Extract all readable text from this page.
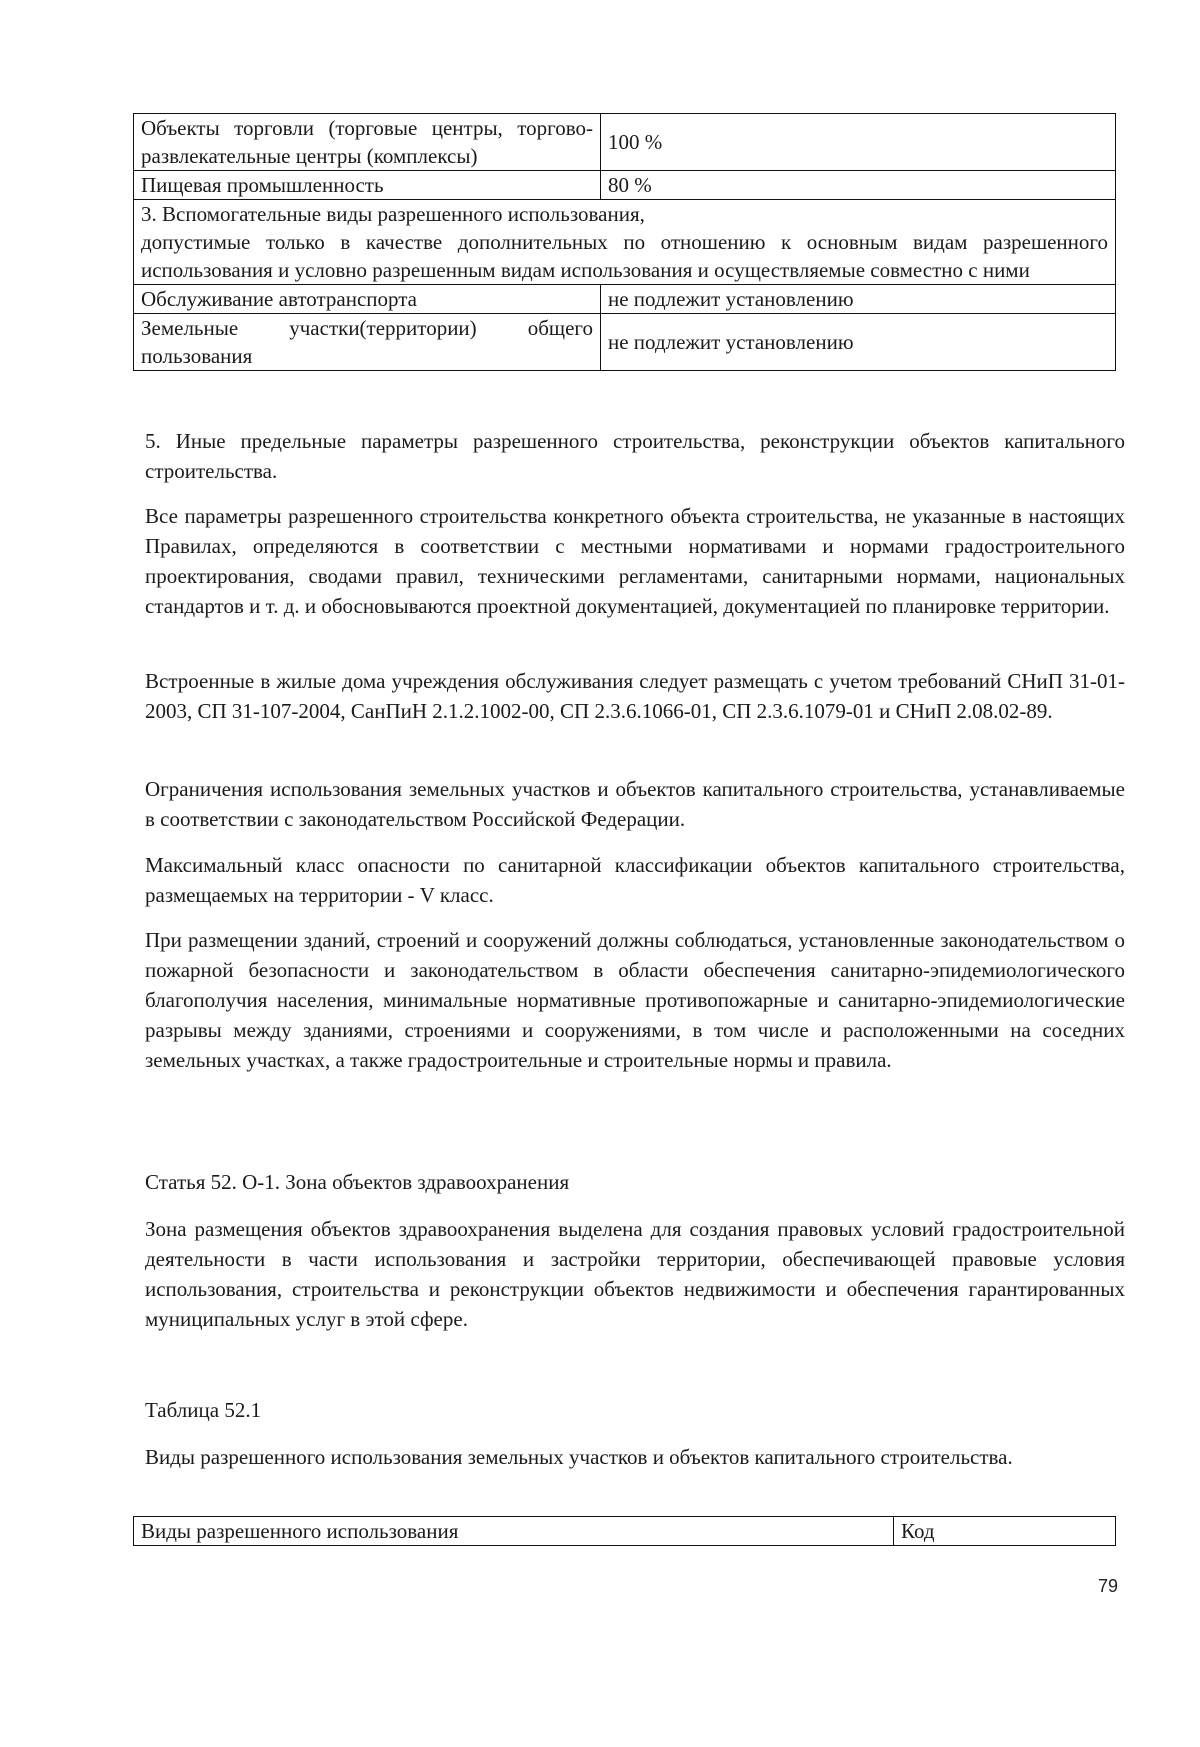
Объекты торговли (торговые центры, торгово-развлекательные центры (комплексы)	100 %
Пищевая промышленность	80 %

3. Вспомогательные виды разрешенного использования,
допустимые только в качестве дополнительных по отношению к основным видам разрешенного использования и условно разрешенным видам использования и осуществляемые совместно с ними	

Обслуживание автотранспорта	не подлежит установлению
Земельные участки(территории) общего пользования	не подлежит установлению
5. Иные предельные параметры разрешенного строительства, реконструкции объектов капитального строительства.
Все параметры разрешенного строительства конкретного объекта строительства, не указанные в настоящих Правилах, определяются в соответствии с местными нормативами и нормами градостроительного проектирования, сводами правил, техническими регламентами, санитарными нормами, национальных стандартов и т. д. и обосновываются проектной документацией, документацией по планировке территории.
Встроенные в жилые дома учреждения обслуживания следует размещать с учетом требований СНиП 31-01-2003, СП 31-107-2004, СанПиН 2.1.2.1002-00, СП 2.3.6.1066-01, СП 2.3.6.1079-01 и СНиП 2.08.02-89.
Ограничения использования земельных участков и объектов капитального строительства, устанавливаемые в соответствии с законодательством Российской Федерации.
Максимальный класс опасности по санитарной классификации объектов капитального строительства, размещаемых на территории - V класс.
При размещении зданий, строений и сооружений должны соблюдаться, установленные законодательством о пожарной безопасности и законодательством в области обеспечения санитарно-эпидемиологического благополучия населения, минимальные нормативные противопожарные и санитарно-эпидемиологические разрывы между зданиями, строениями и сооружениями, в том числе и расположенными на соседних земельных участках, а также градостроительные и строительные нормы и правила.
Статья 52. О-1. Зона объектов здравоохранения
Зона размещения объектов здравоохранения выделена для создания правовых условий градостроительной деятельности в части использования и застройки территории, обеспечивающей правовые условия использования, строительства и реконструкции объектов недвижимости и обеспечения гарантированных муниципальных услуг в этой сфере.
Таблица 52.1
Виды разрешенного использования земельных участков и объектов капитального строительства.
Виды разрешенного использования	Код
79
